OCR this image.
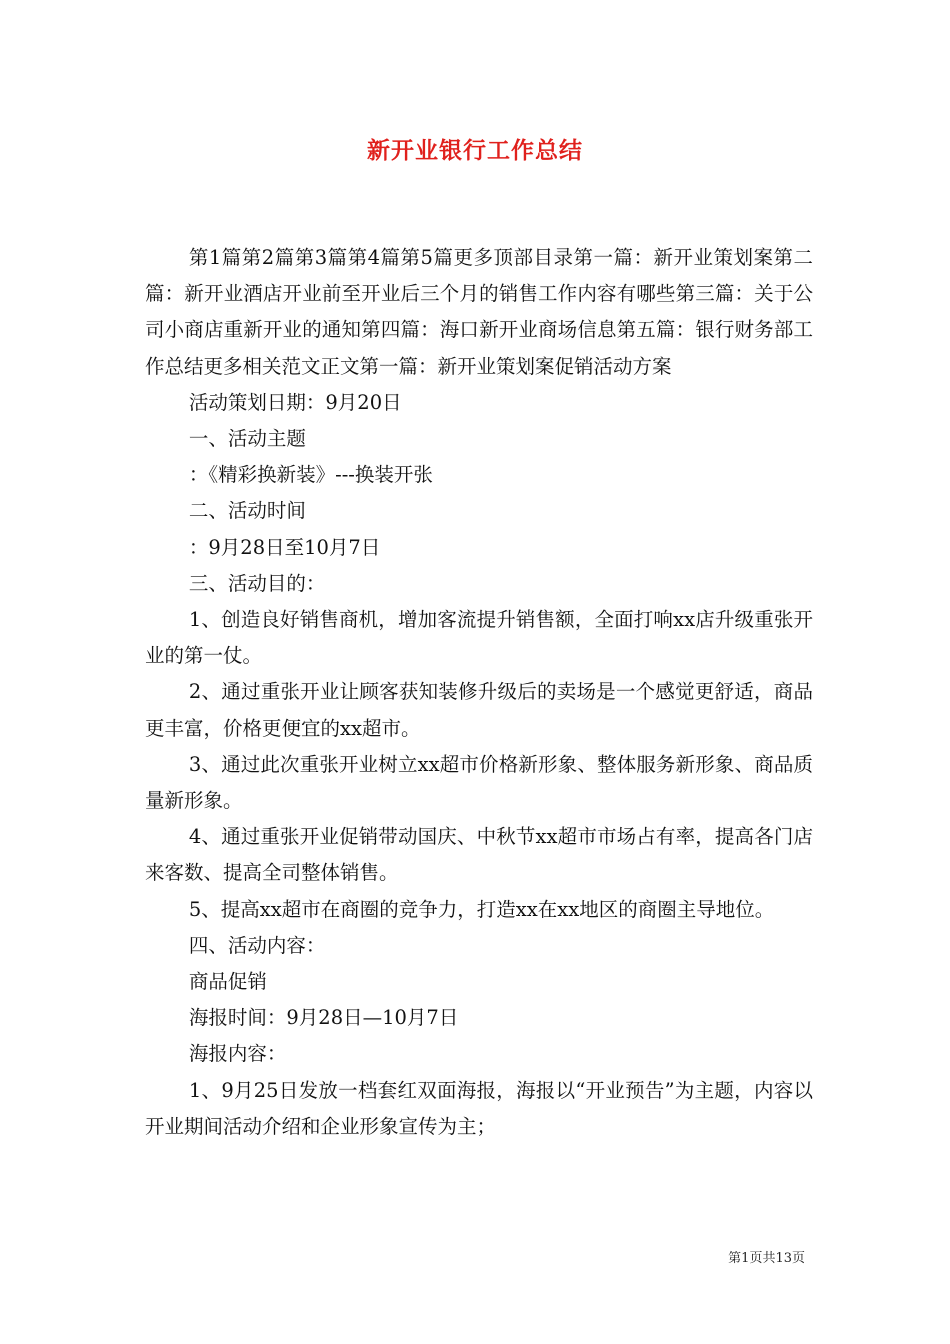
新开业银行工作总结

第1篇第2篇第3篇第4篇第5篇更多顶部目录第一篇：新开业策划案第二篇：新开业酒店开业前至开业后三个月的销售工作内容有哪些第三篇：关于公司小商店重新开业的通知第四篇：海口新开业商场信息第五篇：银行财务部工作总结更多相关范文正文第一篇：新开业策划案促销活动方案

活动策划日期：9月20日

一、活动主题

：《精彩换新装》---换装开张

二、活动时间

：9月28日至10月7日

三、活动目的：

1、创造良好销售商机，增加客流提升销售额，全面打响xx店升级重张开业的第一仗。

2、通过重张开业让顾客获知装修升级后的卖场是一个感觉更舒适，商品更丰富，价格更便宜的xx超市。

3、通过此次重张开业树立xx超市价格新形象、整体服务新形象、商品质量新形象。

4、通过重张开业促销带动国庆、中秋节xx超市市场占有率，提高各门店来客数、提高全司整体销售。

5、提高xx超市在商圈的竞争力，打造xx在xx地区的商圈主导地位。

四、活动内容：

商品促销

海报时间：9月28日—10月7日

海报内容：

1、9月25日发放一档套红双面海报，海报以“开业预告”为主题，内容以开业期间活动介绍和企业形象宣传为主；

第1页共13页
